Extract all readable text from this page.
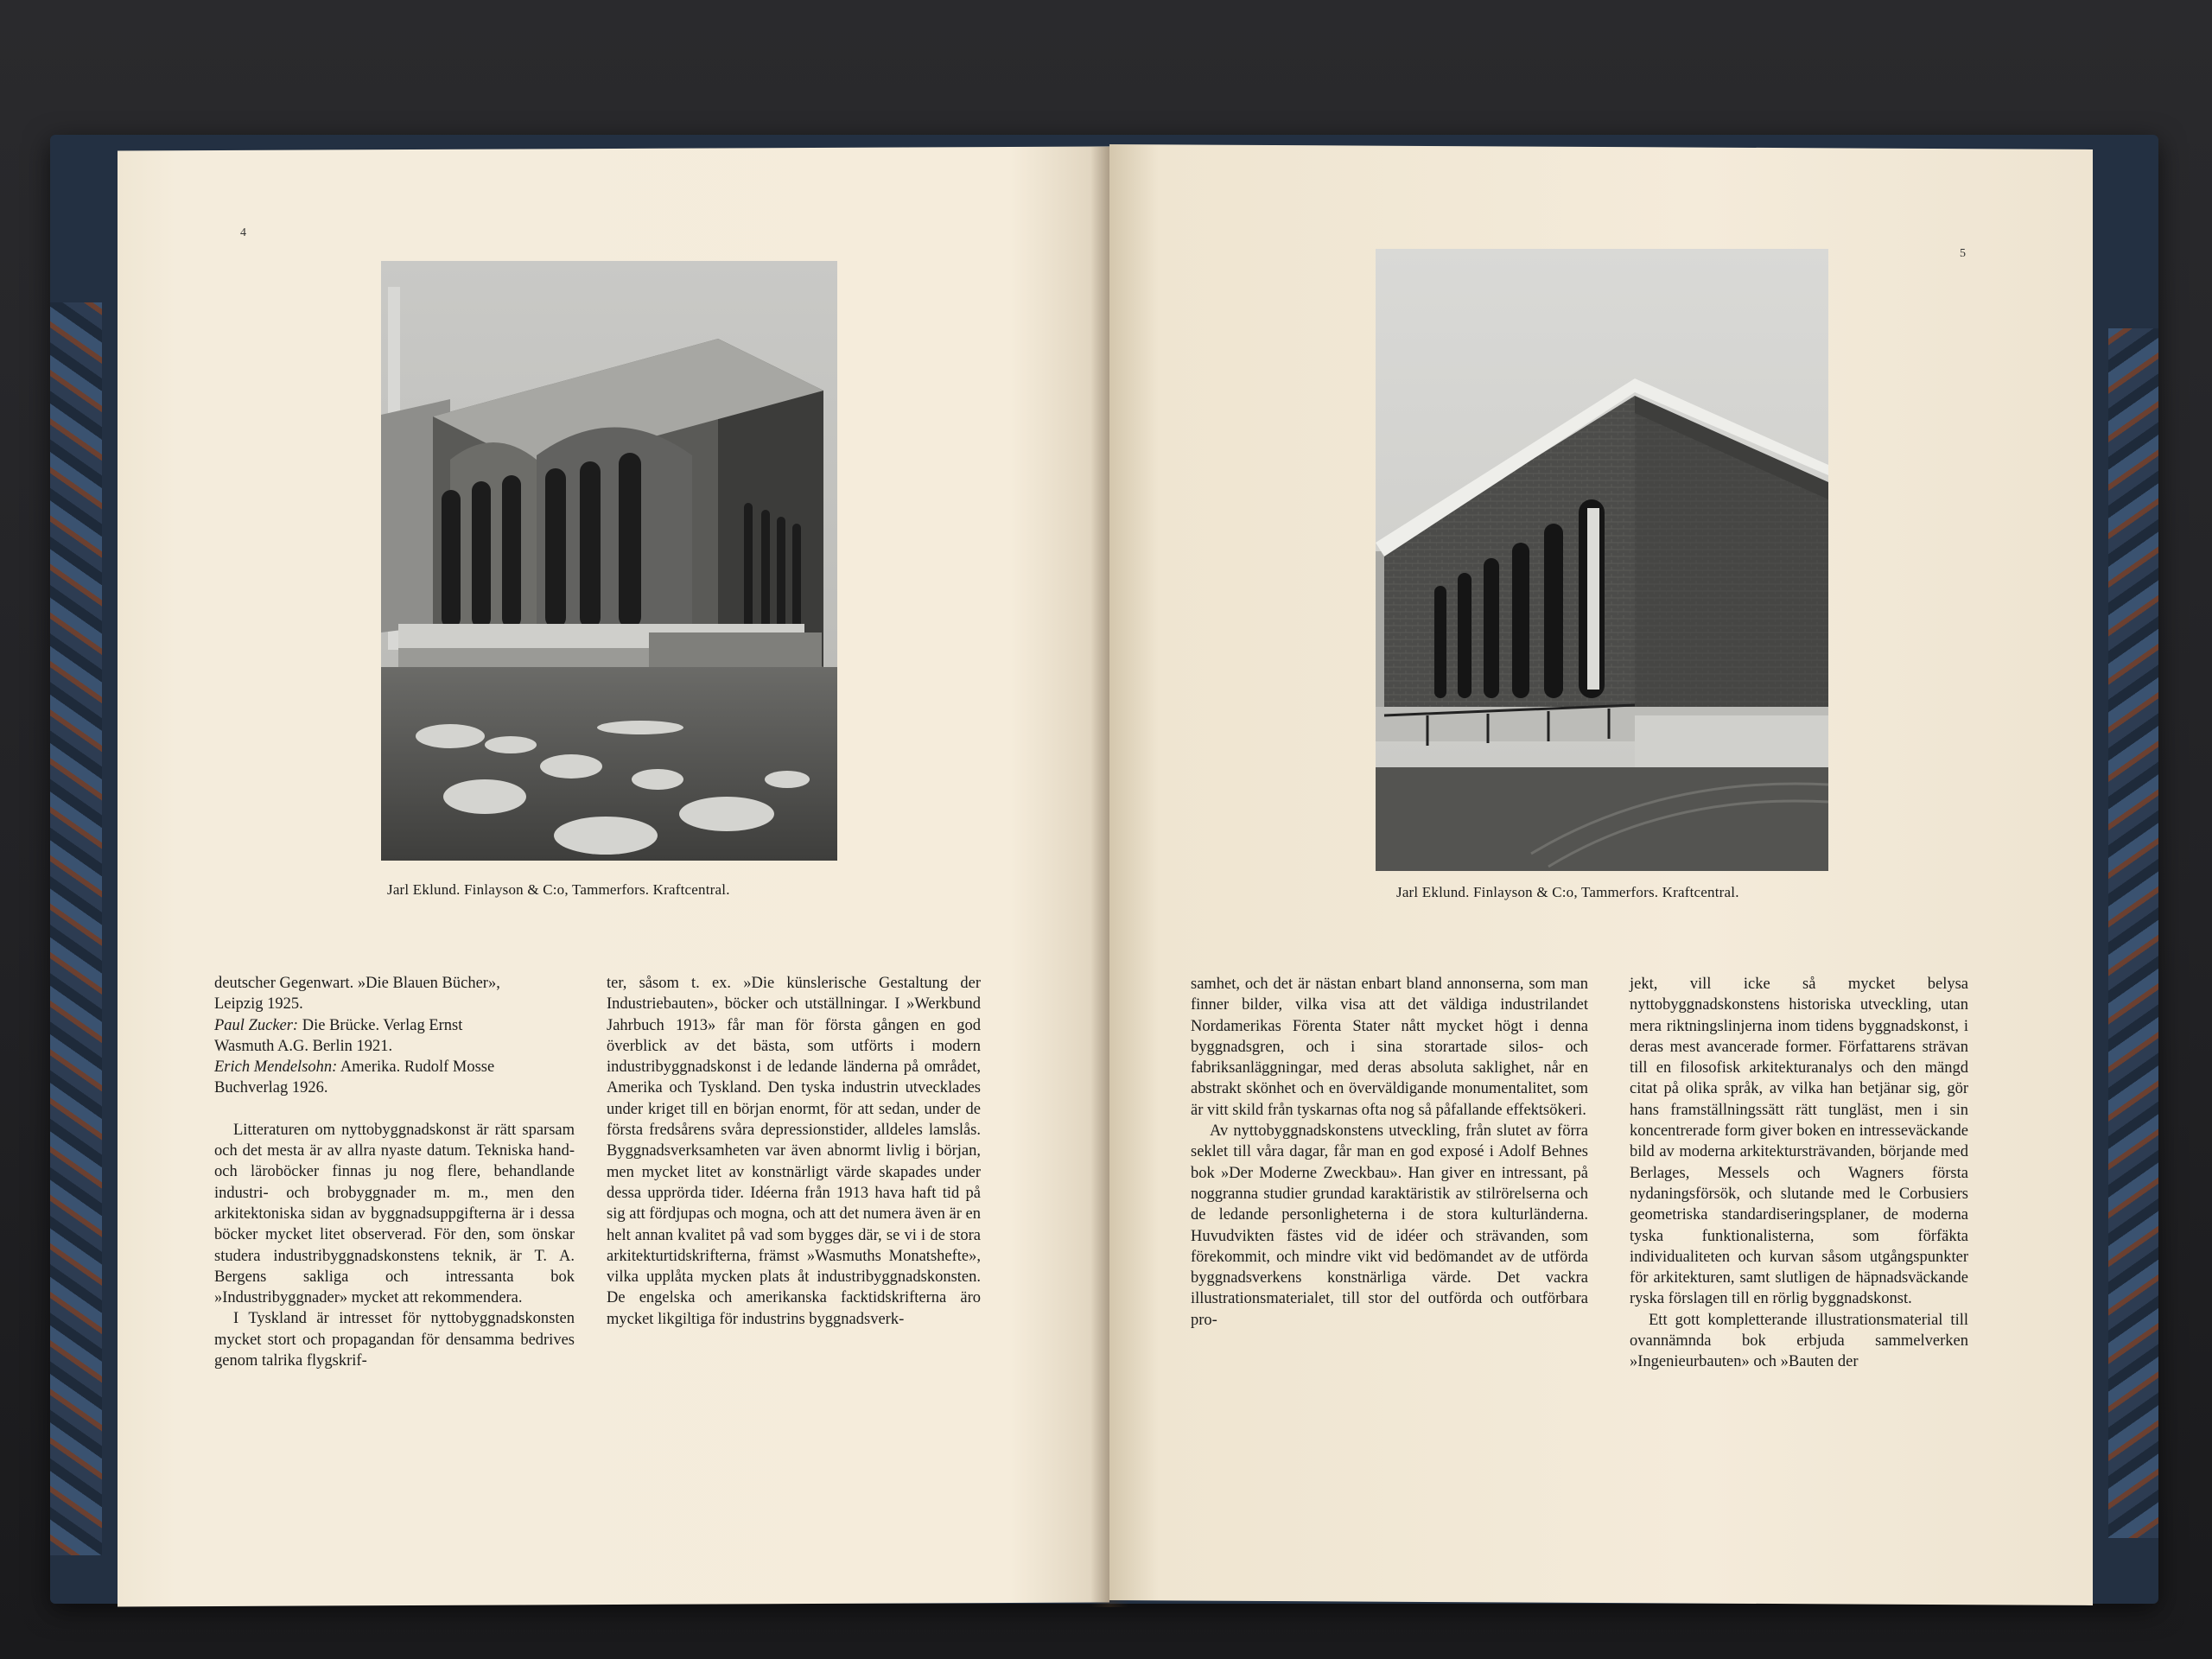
4
Jarl Eklund. Finlayson & C:o, Tammerfors. Kraftcentral.

deutscher Gegenwart. »Die Blauen Bücher»,

Leipzig 1925.

Paul Zucker: Die Brücke. Verlag Ernst

Wasmuth A.G. Berlin 1921.

Erich Mendelsohn: Amerika. Rudolf Mosse

Buchverlag 1926.

Litteraturen om nyttobyggnadskonst är rätt sparsam och det mesta är av allra nyaste datum. Tekniska hand- och läroböcker finnas ju nog flere, behandlande industri- och brobyggnader m. m., men den arkitektoniska sidan av byggnadsuppgifterna är i dessa böcker mycket litet observerad. För den, som önskar studera industribyggnadskonstens teknik, är T. A. Bergens sakliga och intressanta bok »Industribyggnader» mycket att rekommendera.

I Tyskland är intresset för nyttobyggnadskonsten mycket stort och propagandan för densamma bedrives genom talrika flygskrif-

ter, såsom t. ex. »Die künslerische Gestaltung der Industriebauten», böcker och utställningar. I »Werkbund Jahrbuch 1913» får man för första gången en god överblick av det bästa, som utförts i modern industribyggnadskonst i de ledande länderna på området, Amerika och Tyskland. Den tyska industrin utvecklades under kriget till en början enormt, för att sedan, under de första fredsårens svåra depressionstider, alldeles lamslås. Byggnadsverksamheten var även abnormt livlig i början, men mycket litet av konstnärligt värde skapades under dessa upprörda tider. Idéerna från 1913 hava haft tid på sig att fördjupas och mogna, och att det numera även är en helt annan kvalitet på vad som bygges där, se vi i de stora arkitekturtidskrifterna, främst »Wasmuths Monatshefte», vilka upplåta mycken plats åt industribyggnadskonsten. De engelska och amerikanska facktidskrifterna äro mycket likgiltiga för industrins byggnadsverk-

5
Jarl Eklund. Finlayson & C:o, Tammerfors. Kraftcentral.

samhet, och det är nästan enbart bland annonserna, som man finner bilder, vilka visa att det väldiga industrilandet Nordamerikas Förenta Stater nått mycket högt i denna byggnadsgren, och i sina storartade silos- och fabriksanläggningar, med deras absoluta saklighet, når en abstrakt skönhet och en överväldigande monumentalitet, som är vitt skild från tyskarnas ofta nog så påfallande effektsökeri.

Av nyttobyggnadskonstens utveckling, från slutet av förra seklet till våra dagar, får man en god exposé i Adolf Behnes bok »Der Moderne Zweckbau». Han giver en intressant, på noggranna studier grundad karaktäristik av stilrörelserna och de ledande personligheterna i de stora kulturländerna. Huvudvikten fästes vid de idéer och strävanden, som förekommit, och mindre vikt vid bedömandet av de utförda byggnadsverkens konstnärliga värde. Det vackra illustrationsmaterialet, till stor del outförda och outförbara pro-

jekt, vill icke så mycket belysa nyttobyggnadskonstens historiska utveckling, utan mera riktningslinjerna inom tidens byggnadskonst, i deras mest avancerade former. Författarens strävan till en filosofisk arkitekturanalys och den mängd citat på olika språk, av vilka han betjänar sig, gör hans framställningssätt rätt tungläst, men i sin koncentrerade form giver boken en intresseväckande bild av moderna arkitektursträvanden, börjande med Berlages, Messels och Wagners första nydaningsförsök, och slutande med le Corbusiers geometriska standardiseringsplaner, de moderna tyska funktionalisterna, som förfäkta individualiteten och kurvan såsom utgångspunkter för arkitekturen, samt slutligen de häpnadsväckande ryska förslagen till en rörlig byggnadskonst.

Ett gott kompletterande illustrationsmaterial till ovannämnda bok erbjuda sammelverken »Ingenieurbauten» och »Bauten der
